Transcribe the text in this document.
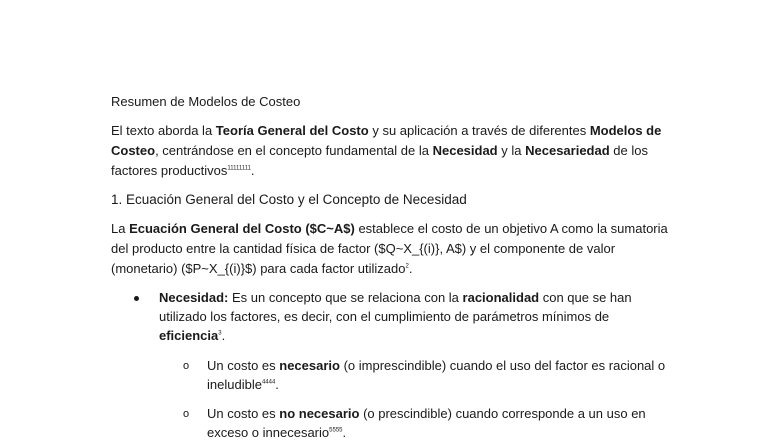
Resumen de Modelos de Costeo
El texto aborda la Teoría General del Costo y su aplicación a través de diferentes Modelos de
Costeo, centrándose en el concepto fundamental de la Necesidad y la Necesariedad de los
factores productivos$^{11111111}$.
1. Ecuación General del Costo y el Concepto de Necesidad
La Ecuación General del Costo ($C~A$) establece el costo de un objetivo A como la sumatoria
del producto entre la cantidad física de factor ($Q~X_{(i)}, A$) y el componente de valor
(monetario) ($P~X_{(i)}$) para cada factor utilizado$^2$.
Necesidad: Es un concepto que se relaciona con la racionalidad con que se han
utilizado los factores, es decir, con el cumplimiento de parámetros mínimos de
eficiencia$^3$.
o Un costo es necesario (o imprescindible) cuando el uso del factor es racional o
ineludible$^{4444}$.
o Un costo es no necesario (o prescindible) cuando corresponde a un uso en
exceso o innecesario$^{5555}$.
